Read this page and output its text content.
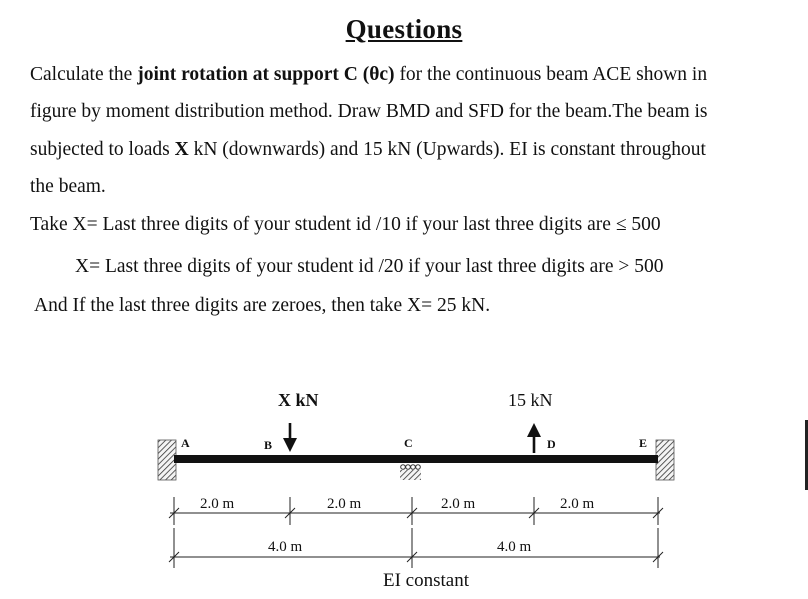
Questions
Calculate the joint rotation at support C (θc) for the continuous beam ACE shown in
figure by moment distribution method. Draw BMD and SFD for the beam.The beam is
subjected to loads X kN (downwards) and 15 kN (Upwards). EI is constant throughout
the beam.
Take X= Last three digits of your student id /10 if your last three digits are ≤ 500
X= Last three digits of your student id /20 if your last three digits are > 500
And If the last three digits are zeroes, then take X= 25 kN.
A	B	C	D	E
X kN	15 kN
2.0 m	2.0 m	2.0 m	2.0 m
4.0 m	4.0 m
EI constant
